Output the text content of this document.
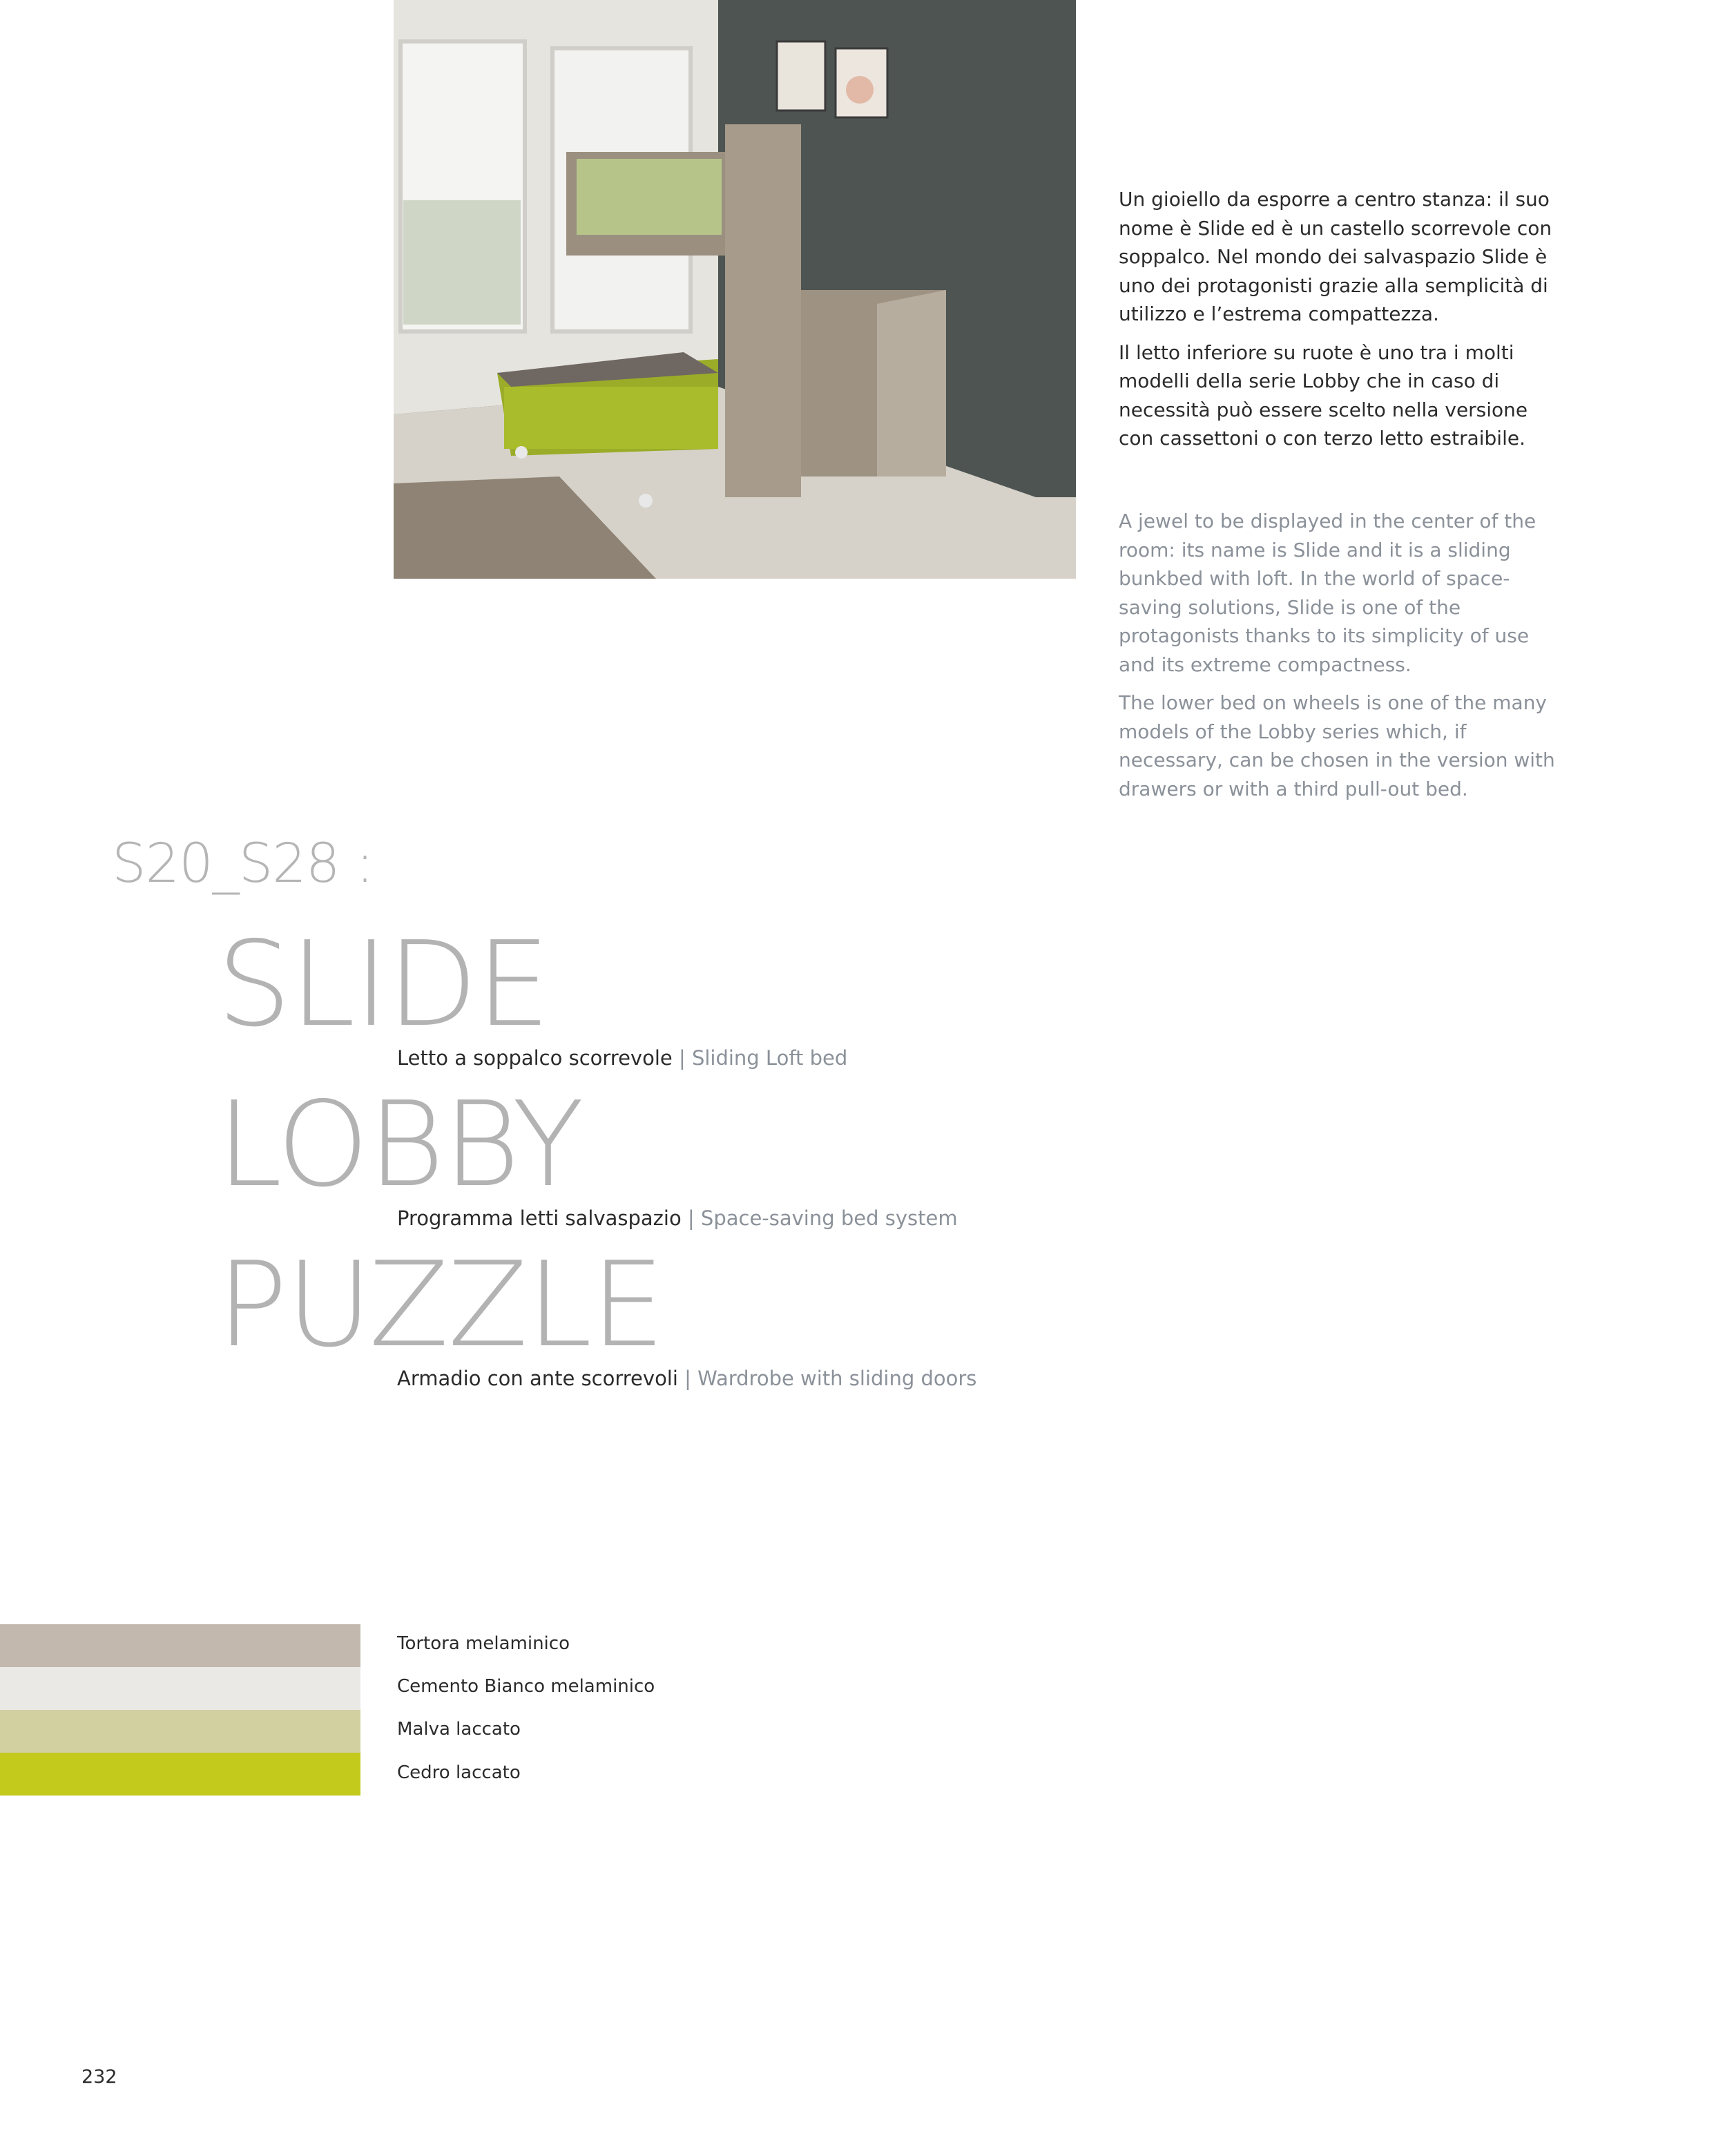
Un gioiello da esporre a centro stanza: il suo nome è Slide ed è un castello scorrevole con soppalco. Nel mondo dei salvaspazio Slide è uno dei protagonisti grazie alla semplicità di utilizzo e l’estrema compattezza.

Il letto inferiore su ruote è uno tra i molti modelli della serie Lobby che in caso di necessità può essere scelto nella versione con cassettoni o con terzo letto estraibile.

A jewel to be displayed in the center of the room: its name is Slide and it is a sliding bunkbed with loft. In the world of space-saving solutions, Slide is one of the protagonists thanks to its simplicity of use and its extreme compactness.

The lower bed on wheels is one of the many models of the Lobby series which, if necessary, can be chosen in the version with drawers or with a third pull-out bed.

S20_S28 :
SLIDE
Letto a soppalco scorrevole | Sliding Loft bed
LOBBY
Programma letti salvaspazio | Space-saving bed system
PUZZLE
Armadio con ante scorrevoli | Wardrobe with sliding doors
Tortora melaminico
Cemento Bianco melaminico
Malva laccato
Cedro laccato
232
